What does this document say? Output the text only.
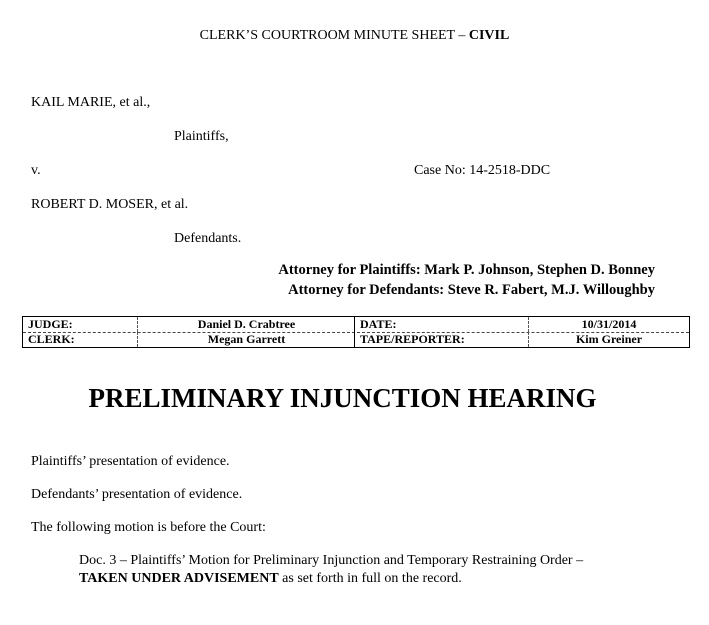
CLERK’S COURTROOM MINUTE SHEET – CIVIL
KAIL MARIE, et al.,
Plaintiffs,
v.	Case No: 14-2518-DDC
ROBERT D. MOSER, et al.
Defendants.
Attorney for Plaintiffs: Mark P. Johnson, Stephen D. Bonney
Attorney for Defendants: Steve R. Fabert, M.J. Willoughby
JUDGE:	Daniel D. Crabtree	DATE:	10/31/2014
CLERK:	Megan Garrett	TAPE/REPORTER:	Kim Greiner
PRELIMINARY INJUNCTION HEARING
Plaintiffs’ presentation of evidence.
Defendants’ presentation of evidence.
The following motion is before the Court:
Doc. 3 – Plaintiffs’ Motion for Preliminary Injunction and Temporary Restraining Order –
TAKEN UNDER ADVISEMENT as set forth in full on the record.
